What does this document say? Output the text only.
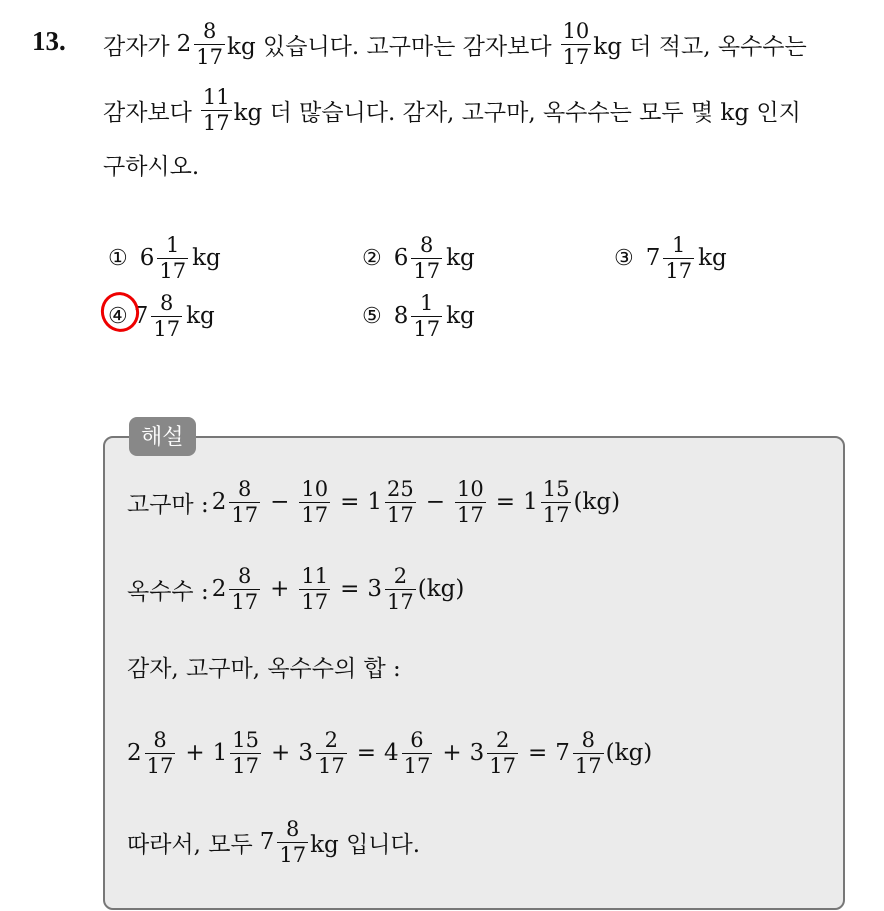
13. 감자가 $2 \frac{8}{17}$ kg 있습니다. 고구마는 감자보다 $\frac{10}{17}$ kg 더 적고, 옥수수는
감자보다 $\frac{11}{17}$ kg 더 많습니다. 감자, 고구마, 옥수수는 모두 몇 kg 인지
구하시오.
① $6 \frac{1}{17}$ kg	② $6 \frac{8}{17}$ kg	③ $7 \frac{1}{17}$ kg
④ $7 \frac{8}{17}$ kg	⑤ $8 \frac{1}{17}$ kg
해설
고구마 : $2 \frac{8}{17} - \frac{10}{17} = 1 \frac{25}{17} - \frac{10}{17} = 1 \frac{15}{17} (kg)$
옥수수 : $2 \frac{8}{17} + \frac{11}{17} = 3 \frac{2}{17} (kg)$
감자, 고구마, 옥수수의 합 :
$2 \frac{8}{17} + 1 \frac{15}{17} + 3 \frac{2}{17} = 4 \frac{6}{17} + 3 \frac{2}{17} = 7 \frac{8}{17} (kg)$
따라서, 모두 $7 \frac{8}{17}$ kg 입니다.
